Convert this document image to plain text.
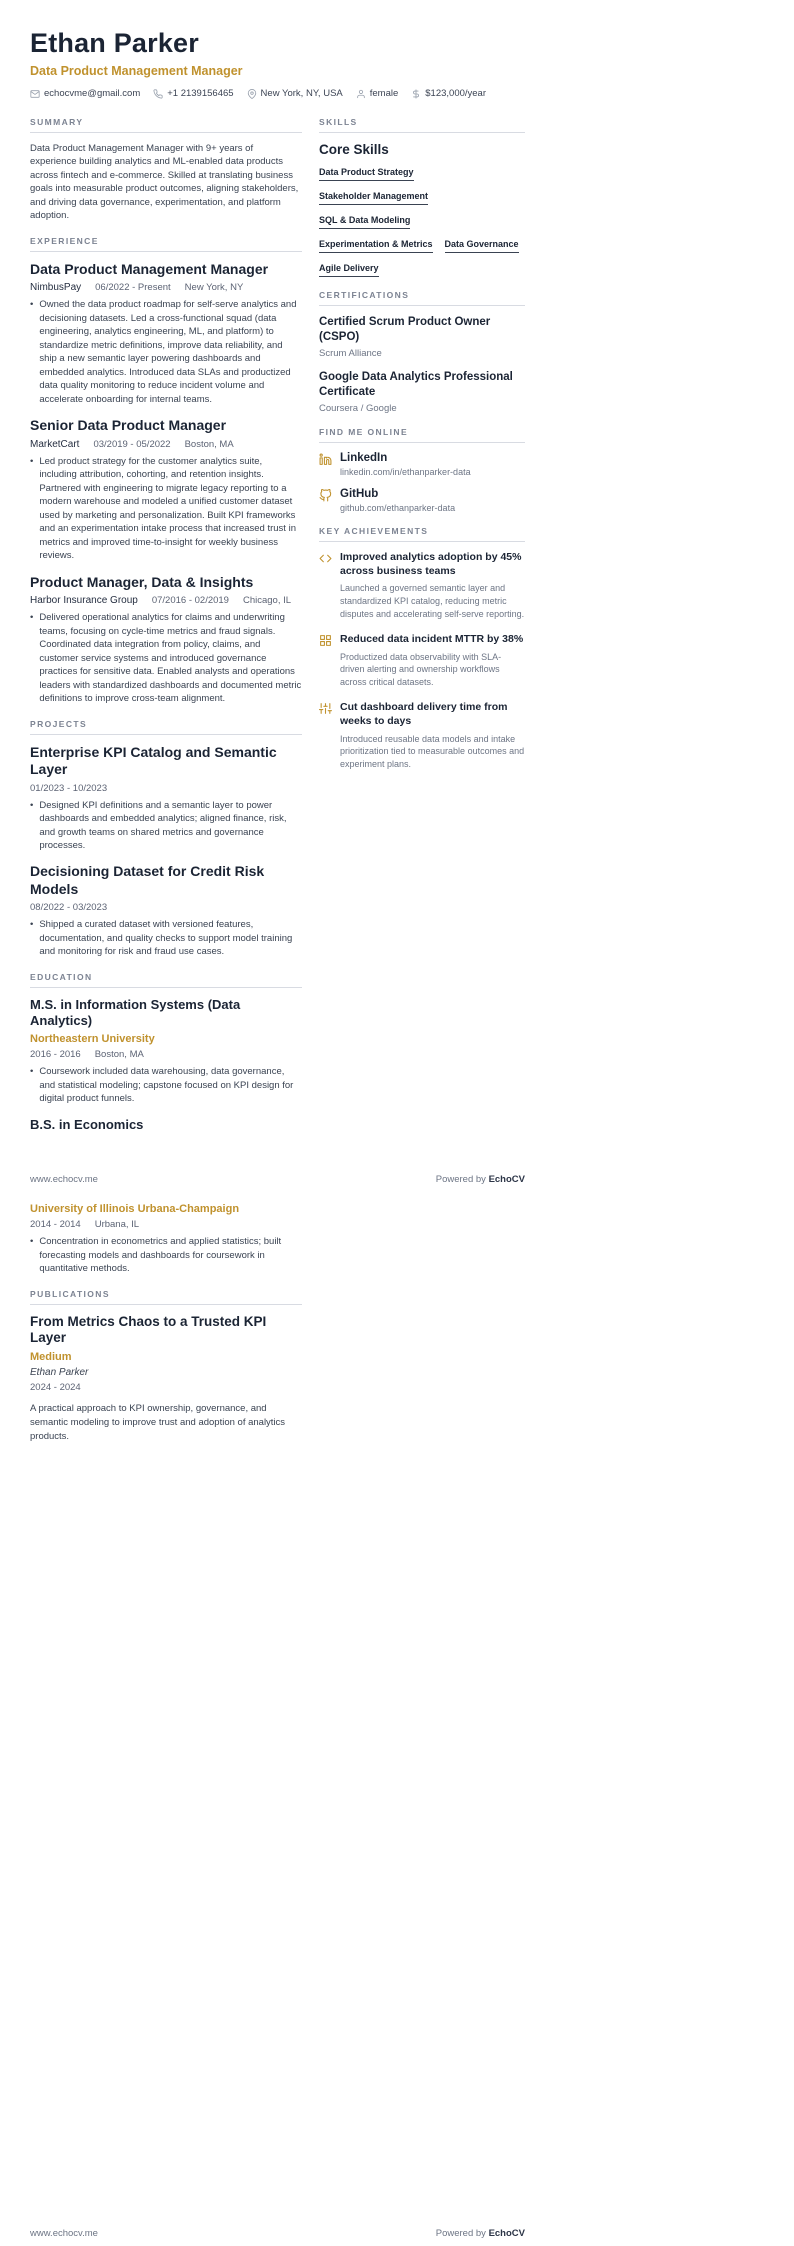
Ethan Parker
Data Product Management Manager
echocvme@gmail.com	+1 2139156465	New York, NY, USA	female	$123,000/year
SUMMARY

Data Product Management Manager with 9+ years of experience building analytics and ML-enabled data products across fintech and e-commerce. Skilled at translating business goals into measurable product outcomes, aligning stakeholders, and driving data governance, experimentation, and platform adoption.

EXPERIENCE
Data Product Management Manager
NimbusPay 06/2022 - Present New York, NY
• Owned the data product roadmap for self-serve analytics and decisioning datasets. Led a cross-functional squad (data engineering, analytics engineering, ML, and platform) to standardize metric definitions, improve data reliability, and ship a new semantic layer powering dashboards and embedded analytics. Introduced data SLAs and productized data quality monitoring to reduce incident volume and accelerate onboarding for internal teams.
Senior Data Product Manager
MarketCart 03/2019 - 05/2022 Boston, MA
• Led product strategy for the customer analytics suite, including attribution, cohorting, and retention insights. Partnered with engineering to migrate legacy reporting to a modern warehouse and modeled a unified customer dataset used by marketing and personalization. Built KPI frameworks and an experimentation intake process that increased trust in metrics and improved time-to-insight for weekly business reviews.
Product Manager, Data & Insights
Harbor Insurance Group 07/2016 - 02/2019 Chicago, IL
• Delivered operational analytics for claims and underwriting teams, focusing on cycle-time metrics and fraud signals. Coordinated data integration from policy, claims, and customer service systems and introduced governance practices for sensitive data. Enabled analysts and operations leaders with standardized dashboards and documented metric definitions to improve cross-team alignment.
PROJECTS
Enterprise KPI Catalog and Semantic Layer
01/2023 - 10/2023
• Designed KPI definitions and a semantic layer to power dashboards and embedded analytics; aligned finance, risk, and growth teams on shared metrics and governance processes.
Decisioning Dataset for Credit Risk Models
08/2022 - 03/2023
• Shipped a curated dataset with versioned features, documentation, and quality checks to support model training and monitoring for risk and fraud use cases.
EDUCATION
M.S. in Information Systems (Data Analytics)
Northeastern University
2016 - 2016 Boston, MA
• Coursework included data warehousing, data governance, and statistical modeling; capstone focused on KPI design for digital product funnels.
B.S. in Economics
SKILLS
Core Skills
Data Product Strategy
Stakeholder Management
SQL & Data Modeling
Experimentation & Metrics Data Governance
Agile Delivery
CERTIFICATIONS
Certified Scrum Product Owner (CSPO)
Scrum Alliance
Google Data Analytics Professional Certificate
Coursera / Google
FIND ME ONLINE
LinkedIn
linkedin.com/in/ethanparker-data
GitHub
github.com/ethanparker-data
KEY ACHIEVEMENTS
Improved analytics adoption by 45% across business teams
Launched a governed semantic layer and standardized KPI catalog, reducing metric disputes and accelerating self-serve reporting.
Reduced data incident MTTR by 38%
Productized data observability with SLA-driven alerting and ownership workflows across critical datasets.
Cut dashboard delivery time from weeks to days
Introduced reusable data models and intake prioritization tied to measurable outcomes and experiment plans.
www.echocv.me	Powered by EchoCV
University of Illinois Urbana-Champaign
2014 - 2014 Urbana, IL
• Concentration in econometrics and applied statistics; built forecasting models and dashboards for coursework in quantitative methods.
PUBLICATIONS
From Metrics Chaos to a Trusted KPI Layer
Medium
Ethan Parker
2024 - 2024

A practical approach to KPI ownership, governance, and semantic modeling to improve trust and adoption of analytics products.

www.echocv.me	Powered by EchoCV
